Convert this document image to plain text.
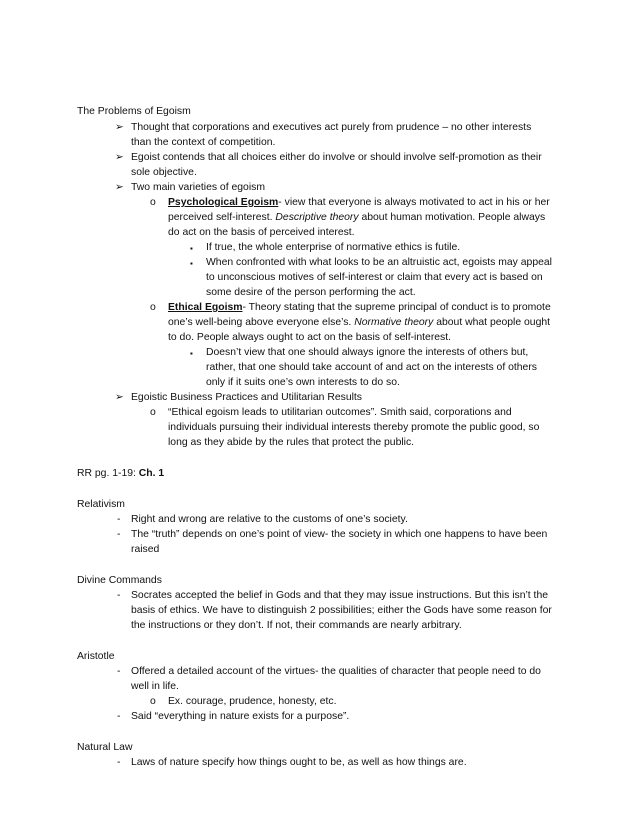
The Problems of Egoism
➢ Thought that corporations and executives act purely from prudence – no other interests
than the context of competition.
➢ Egoist contends that all choices either do involve or should involve self-promotion as their
sole objective.
➢ Two main varieties of egoism
o Psychological Egoism- view that everyone is always motivated to act in his or her
perceived self-interest. Descriptive theory about human motivation. People always
do act on the basis of perceived interest.
▪ If true, the whole enterprise of normative ethics is futile.
▪ When confronted with what looks to be an altruistic act, egoists may appeal
to unconscious motives of self-interest or claim that every act is based on
some desire of the person performing the act.
o Ethical Egoism- Theory stating that the supreme principal of conduct is to promote
one’s well-being above everyone else’s. Normative theory about what people ought
to do. People always ought to act on the basis of self-interest.
▪ Doesn’t view that one should always ignore the interests of others but,
rather, that one should take account of and act on the interests of others
only if it suits one’s own interests to do so.
➢ Egoistic Business Practices and Utilitarian Results
o “Ethical egoism leads to utilitarian outcomes”. Smith said, corporations and
individuals pursuing their individual interests thereby promote the public good, so
long as they abide by the rules that protect the public.
RR pg. 1-19: Ch. 1
Relativism
- Right and wrong are relative to the customs of one’s society.
- The “truth” depends on one’s point of view- the society in which one happens to have been
raised
Divine Commands
- Socrates accepted the belief in Gods and that they may issue instructions. But this isn’t the
basis of ethics. We have to distinguish 2 possibilities; either the Gods have some reason for
the instructions or they don’t. If not, their commands are nearly arbitrary.
Aristotle
- Offered a detailed account of the virtues- the qualities of character that people need to do
well in life.
o Ex. courage, prudence, honesty, etc.
- Said “everything in nature exists for a purpose”.
Natural Law
- Laws of nature specify how things ought to be, as well as how things are.
